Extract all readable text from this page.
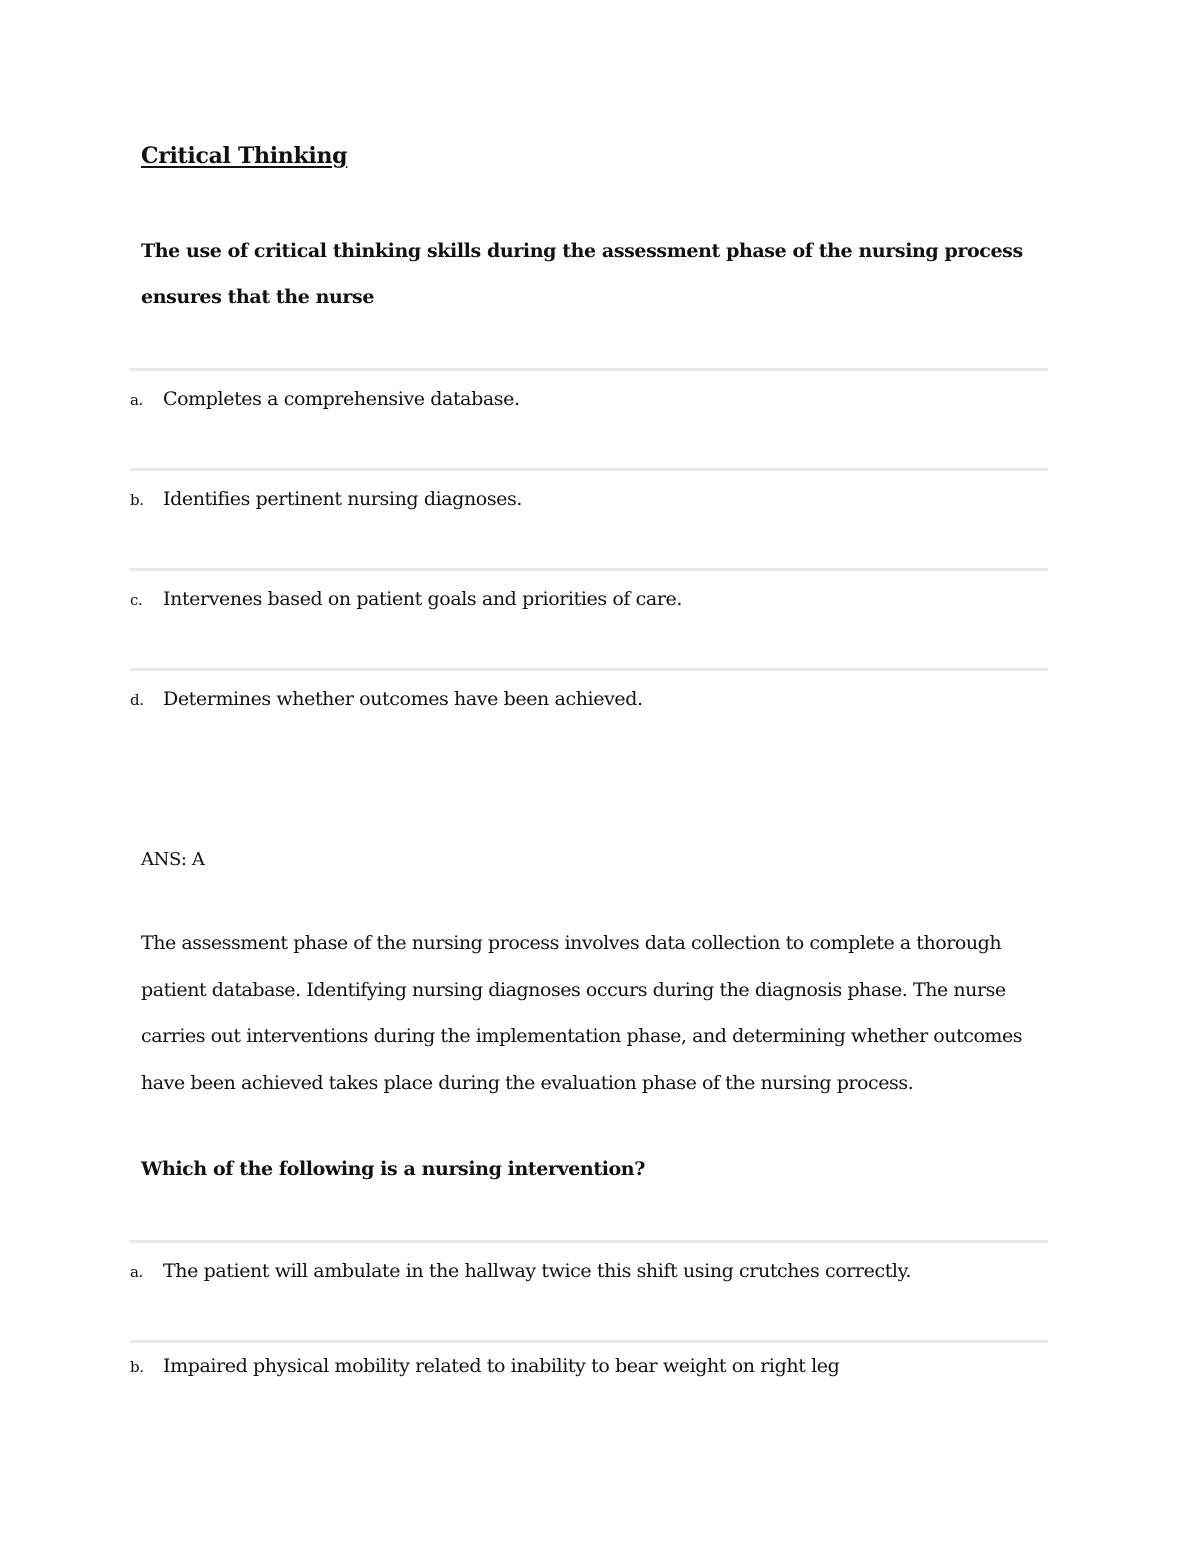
Critical Thinking
The use of critical thinking skills during the assessment phase of the nursing process ensures that the nurse
a. Completes a comprehensive database.
b. Identifies pertinent nursing diagnoses.
c. Intervenes based on patient goals and priorities of care.
d. Determines whether outcomes have been achieved.
ANS: A
The assessment phase of the nursing process involves data collection to complete a thorough patient database. Identifying nursing diagnoses occurs during the diagnosis phase. The nurse carries out interventions during the implementation phase, and determining whether outcomes have been achieved takes place during the evaluation phase of the nursing process.
Which of the following is a nursing intervention?
a. The patient will ambulate in the hallway twice this shift using crutches correctly.
b. Impaired physical mobility related to inability to bear weight on right leg
